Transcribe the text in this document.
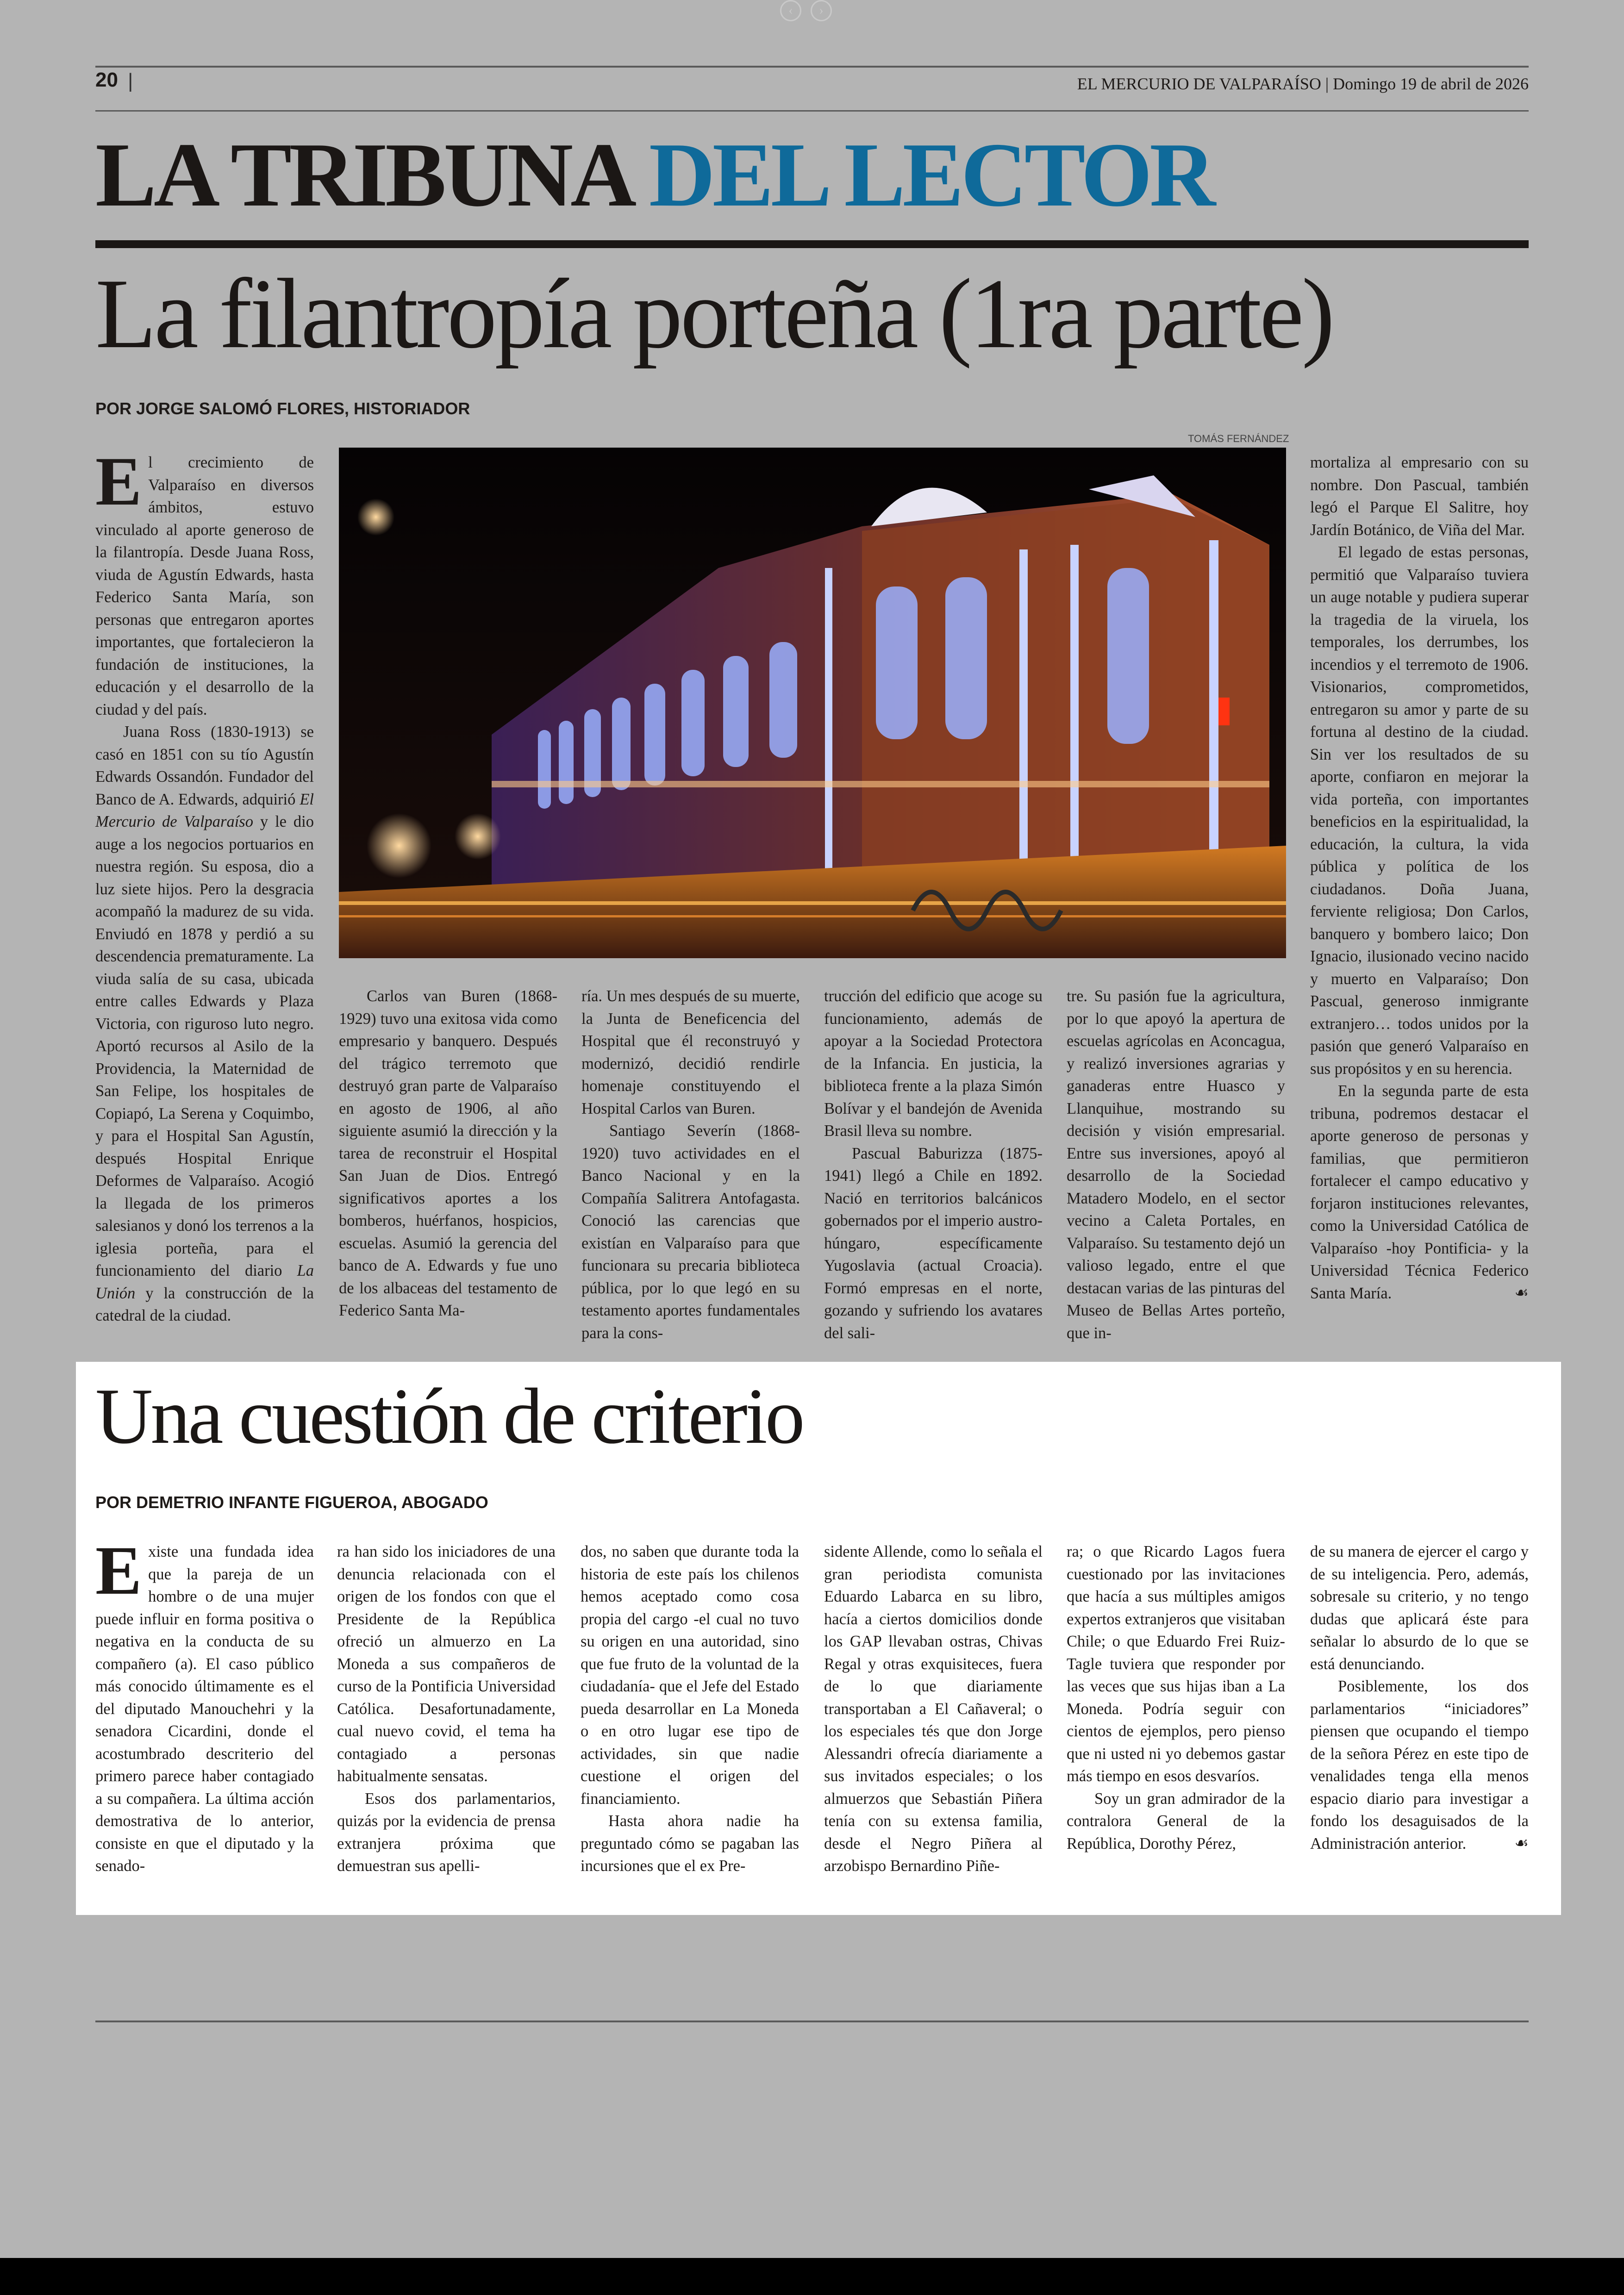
‹	›
20 |	EL MERCURIO DE VALPARAÍSO | Domingo 19 de abril de 2026
LA TRIBUNA DEL LECTOR
La filantropía porteña (1ra parte)
POR JORGE SALOMÓ FLORES, HISTORIADOR
TOMÁS FERNÁNDEZ

El crecimiento de Valparaíso en diversos ámbitos, estuvo vinculado al aporte generoso de la filantropía. Desde Juana Ross, viuda de Agustín Edwards, hasta Federico Santa María, son personas que entregaron aportes importantes, que fortalecieron la fundación de instituciones, la educación y el desarrollo de la ciudad y del país.

Juana Ross (1830-1913) se casó en 1851 con su tío Agustín Edwards Ossandón. Fundador del Banco de A. Edwards, adquirió El Mercurio de Valparaíso y le dio auge a los negocios portuarios en nuestra región. Su esposa, dio a luz siete hijos. Pero la desgracia acompañó la madurez de su vida. Enviudó en 1878 y perdió a su descendencia prematuramente. La viuda salía de su casa, ubicada entre calles Edwards y Plaza Victoria, con riguroso luto negro. Aportó recursos al Asilo de la Providencia, la Maternidad de San Felipe, los hospitales de Copiapó, La Serena y Coquimbo, y para el Hospital San Agustín, después Hospital Enrique Deformes de Valparaíso. Acogió la llegada de los primeros salesianos y donó los terrenos a la iglesia porteña, para el funcionamiento del diario La Unión y la construcción de la catedral de la ciudad.

Carlos van Buren (1868-1929) tuvo una exitosa vida como empresario y banquero. Después del trágico terremoto que destruyó gran parte de Valparaíso en agosto de 1906, al año siguiente asumió la dirección y la tarea de reconstruir el Hospital San Juan de Dios. Entregó significativos aportes a los bomberos, huérfanos, hospicios, escuelas. Asumió la gerencia del banco de A. Edwards y fue uno de los albaceas del testamento de Federico Santa Ma-

ría. Un mes después de su muerte, la Junta de Beneficencia del Hospital que él reconstruyó y modernizó, decidió rendirle homenaje constituyendo el Hospital Carlos van Buren.

Santiago Severín (1868-1920) tuvo actividades en el Banco Nacional y en la Compañía Salitrera Antofagasta. Conoció las carencias que existían en Valparaíso para que funcionara su precaria biblioteca pública, por lo que legó en su testamento aportes fundamentales para la cons-

trucción del edificio que acoge su funcionamiento, además de apoyar a la Sociedad Protectora de la Infancia. En justicia, la biblioteca frente a la plaza Simón Bolívar y el bandejón de Avenida Brasil lleva su nombre.

Pascual Baburizza (1875-1941) llegó a Chile en 1892. Nació en territorios balcánicos gobernados por el imperio austro-húngaro, específicamente Yugoslavia (actual Croacia). Formó empresas en el norte, gozando y sufriendo los avatares del sali-

tre. Su pasión fue la agricultura, por lo que apoyó la apertura de escuelas agrícolas en Aconcagua, y realizó inversiones agrarias y ganaderas entre Huasco y Llanquihue, mostrando su decisión y visión empresarial. Entre sus inversiones, apoyó al desarrollo de la Sociedad Matadero Modelo, en el sector vecino a Caleta Portales, en Valparaíso. Su testamento dejó un valioso legado, entre el que destacan varias de las pinturas del Museo de Bellas Artes porteño, que in-

mortaliza al empresario con su nombre. Don Pascual, también legó el Parque El Salitre, hoy Jardín Botánico, de Viña del Mar.

El legado de estas personas, permitió que Valparaíso tuviera un auge notable y pudiera superar la tragedia de la viruela, los temporales, los derrumbes, los incendios y el terremoto de 1906. Visionarios, comprometidos, entregaron su amor y parte de su fortuna al destino de la ciudad. Sin ver los resultados de su aporte, confiaron en mejorar la vida porteña, con importantes beneficios en la espiritualidad, la educación, la cultura, la vida pública y política de los ciudadanos. Doña Juana, ferviente religiosa; Don Carlos, banquero y bombero laico; Don Ignacio, ilusionado vecino nacido y muerto en Valparaíso; Don Pascual, generoso inmigrante extranjero… todos unidos por la pasión que generó Valparaíso en sus propósitos y en su herencia.

En la segunda parte de esta tribuna, podremos destacar el aporte generoso de personas y familias, que permitieron fortalecer el campo educativo y forjaron instituciones relevantes, como la Universidad Católica de Valparaíso -hoy Pontificia- y la Universidad Técnica Federico Santa María.	☙

Una cuestión de criterio
POR DEMETRIO INFANTE FIGUEROA, ABOGADO

Existe una fundada idea que la pareja de un hombre o de una mujer puede influir en forma positiva o negativa en la conducta de su compañero (a). El caso público más conocido últimamente es el del diputado Manouchehri y la senadora Cicardini, donde el acostumbrado descriterio del primero parece haber contagiado a su compañera. La última acción demostrativa de lo anterior, consiste en que el diputado y la senado-

ra han sido los iniciadores de una denuncia relacionada con el origen de los fondos con que el Presidente de la República ofreció un almuerzo en La Moneda a sus compañeros de curso de la Pontificia Universidad Católica. Desafortunadamente, cual nuevo covid, el tema ha contagiado a personas habitualmente sensatas.

Esos dos parlamentarios, quizás por la evidencia de prensa extranjera próxima que demuestran sus apelli-

dos, no saben que durante toda la historia de este país los chilenos hemos aceptado como cosa propia del cargo -el cual no tuvo su origen en una autoridad, sino que fue fruto de la voluntad de la ciudadanía- que el Jefe del Estado pueda desarrollar en La Moneda o en otro lugar ese tipo de actividades, sin que nadie cuestione el origen del financiamiento.

Hasta ahora nadie ha preguntado cómo se pagaban las incursiones que el ex Pre-

sidente Allende, como lo señala el gran periodista comunista Eduardo Labarca en su libro, hacía a ciertos domicilios donde los GAP llevaban ostras, Chivas Regal y otras exquisiteces, fuera de lo que diariamente transportaban a El Cañaveral; o los especiales tés que don Jorge Alessandri ofrecía diariamente a sus invitados especiales; o los almuerzos que Sebastián Piñera tenía con su extensa familia, desde el Negro Piñera al arzobispo Bernardino Piñe-

ra; o que Ricardo Lagos fuera cuestionado por las invitaciones que hacía a sus múltiples amigos expertos extranjeros que visitaban Chile; o que Eduardo Frei Ruiz-Tagle tuviera que responder por las veces que sus hijas iban a La Moneda. Podría seguir con cientos de ejemplos, pero pienso que ni usted ni yo debemos gastar más tiempo en esos desvaríos.

Soy un gran admirador de la contralora General de la República, Dorothy Pérez,

de su manera de ejercer el cargo y de su inteligencia. Pero, además, sobresale su criterio, y no tengo dudas que aplicará éste para señalar lo absurdo de lo que se está denunciando.

Posiblemente, los dos parlamentarios “iniciadores” piensen que ocupando el tiempo de la señora Pérez en este tipo de venalidades tenga ella menos espacio diario para investigar a fondo los desaguisados de la Administración anterior.	☙
